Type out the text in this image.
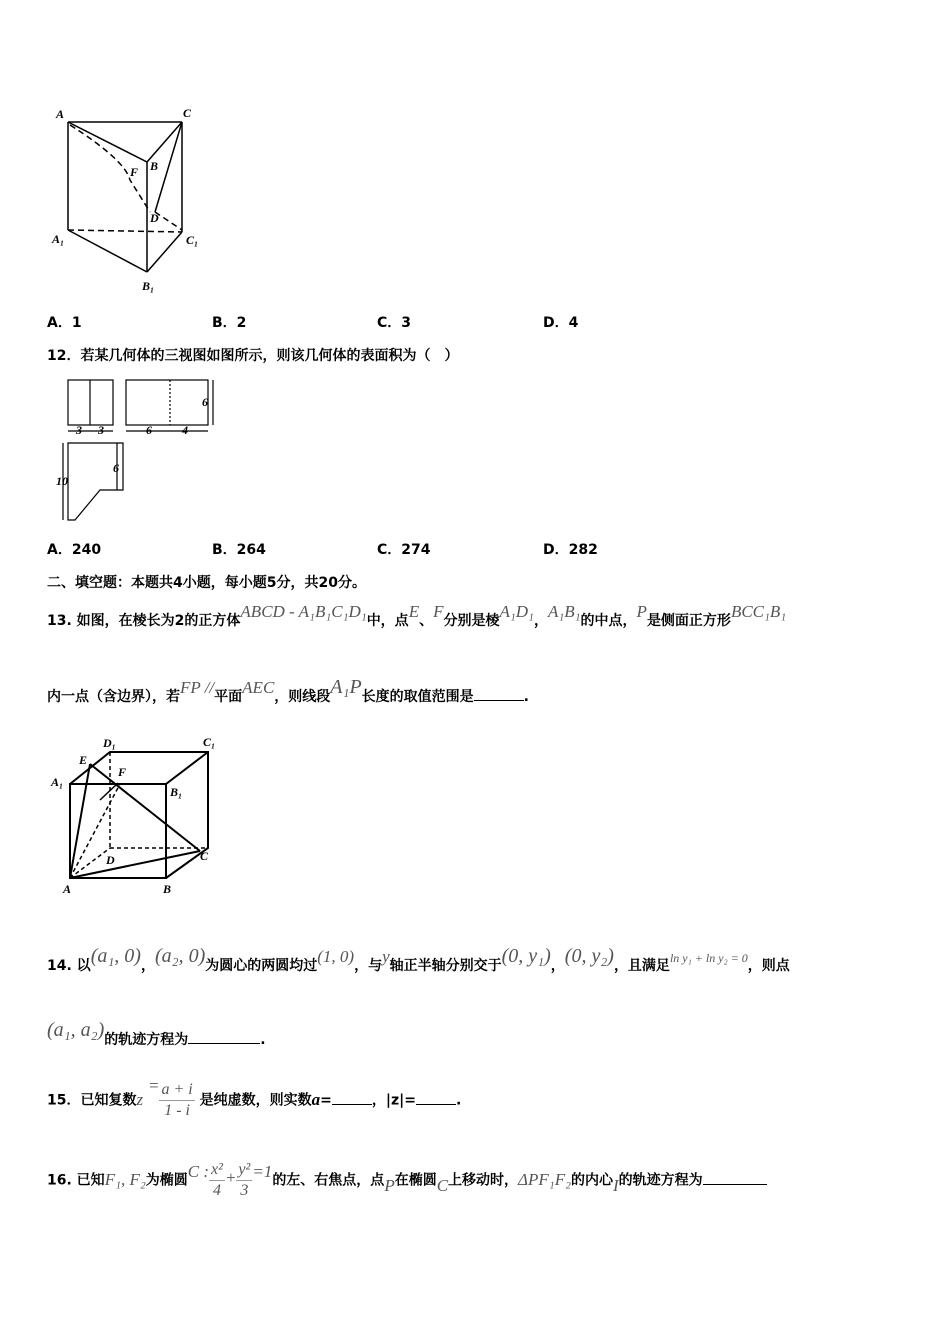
A	C
B
F
D
A₁	C₁
B₁
A．1	B．2	C．3	D．4
12．若某几何体的三视图如图所示，则该几何体的表面积为（　）
3 3	6	4
6
10
6
A．240	B．264	C．274	D．282
二、填空题：本题共4小题，每小题5分，共20分。
13. 如图，在棱长为2的正方体ABCD - A₁B₁C₁D₁中，点E、F分别是棱A₁D₁，A₁B₁的中点，P是侧面正方形BCC₁B₁
内一点（含边界），若FP //平面AEC，则线段A₁P长度的取值范围是	.
D₁	C₁
E
F
A₁
B₁
D	C
A	B
14. 以(a₁, 0)，(a₂, 0)为圆心的两圆均过(1, 0)，与y轴正半轴分别交于(0, y₁)，(0, y₂)，且满足ln y₁ + ln y₂ = 0，则点
(a₁, a₂)的轨迹方程为	.
15．已知复数$z = \frac{a + i}{1 - i}$ 是纯虚数，则实数a=	，|z|=	.
16. 已知F₁, F₂为椭圆C : $\frac{\text{x²}}{4} + \frac{\text{y²}}{3} =1$的左、右焦点，点P在椭圆C上移动时，ΔPF₁F₂的内心I的轨迹方程为
